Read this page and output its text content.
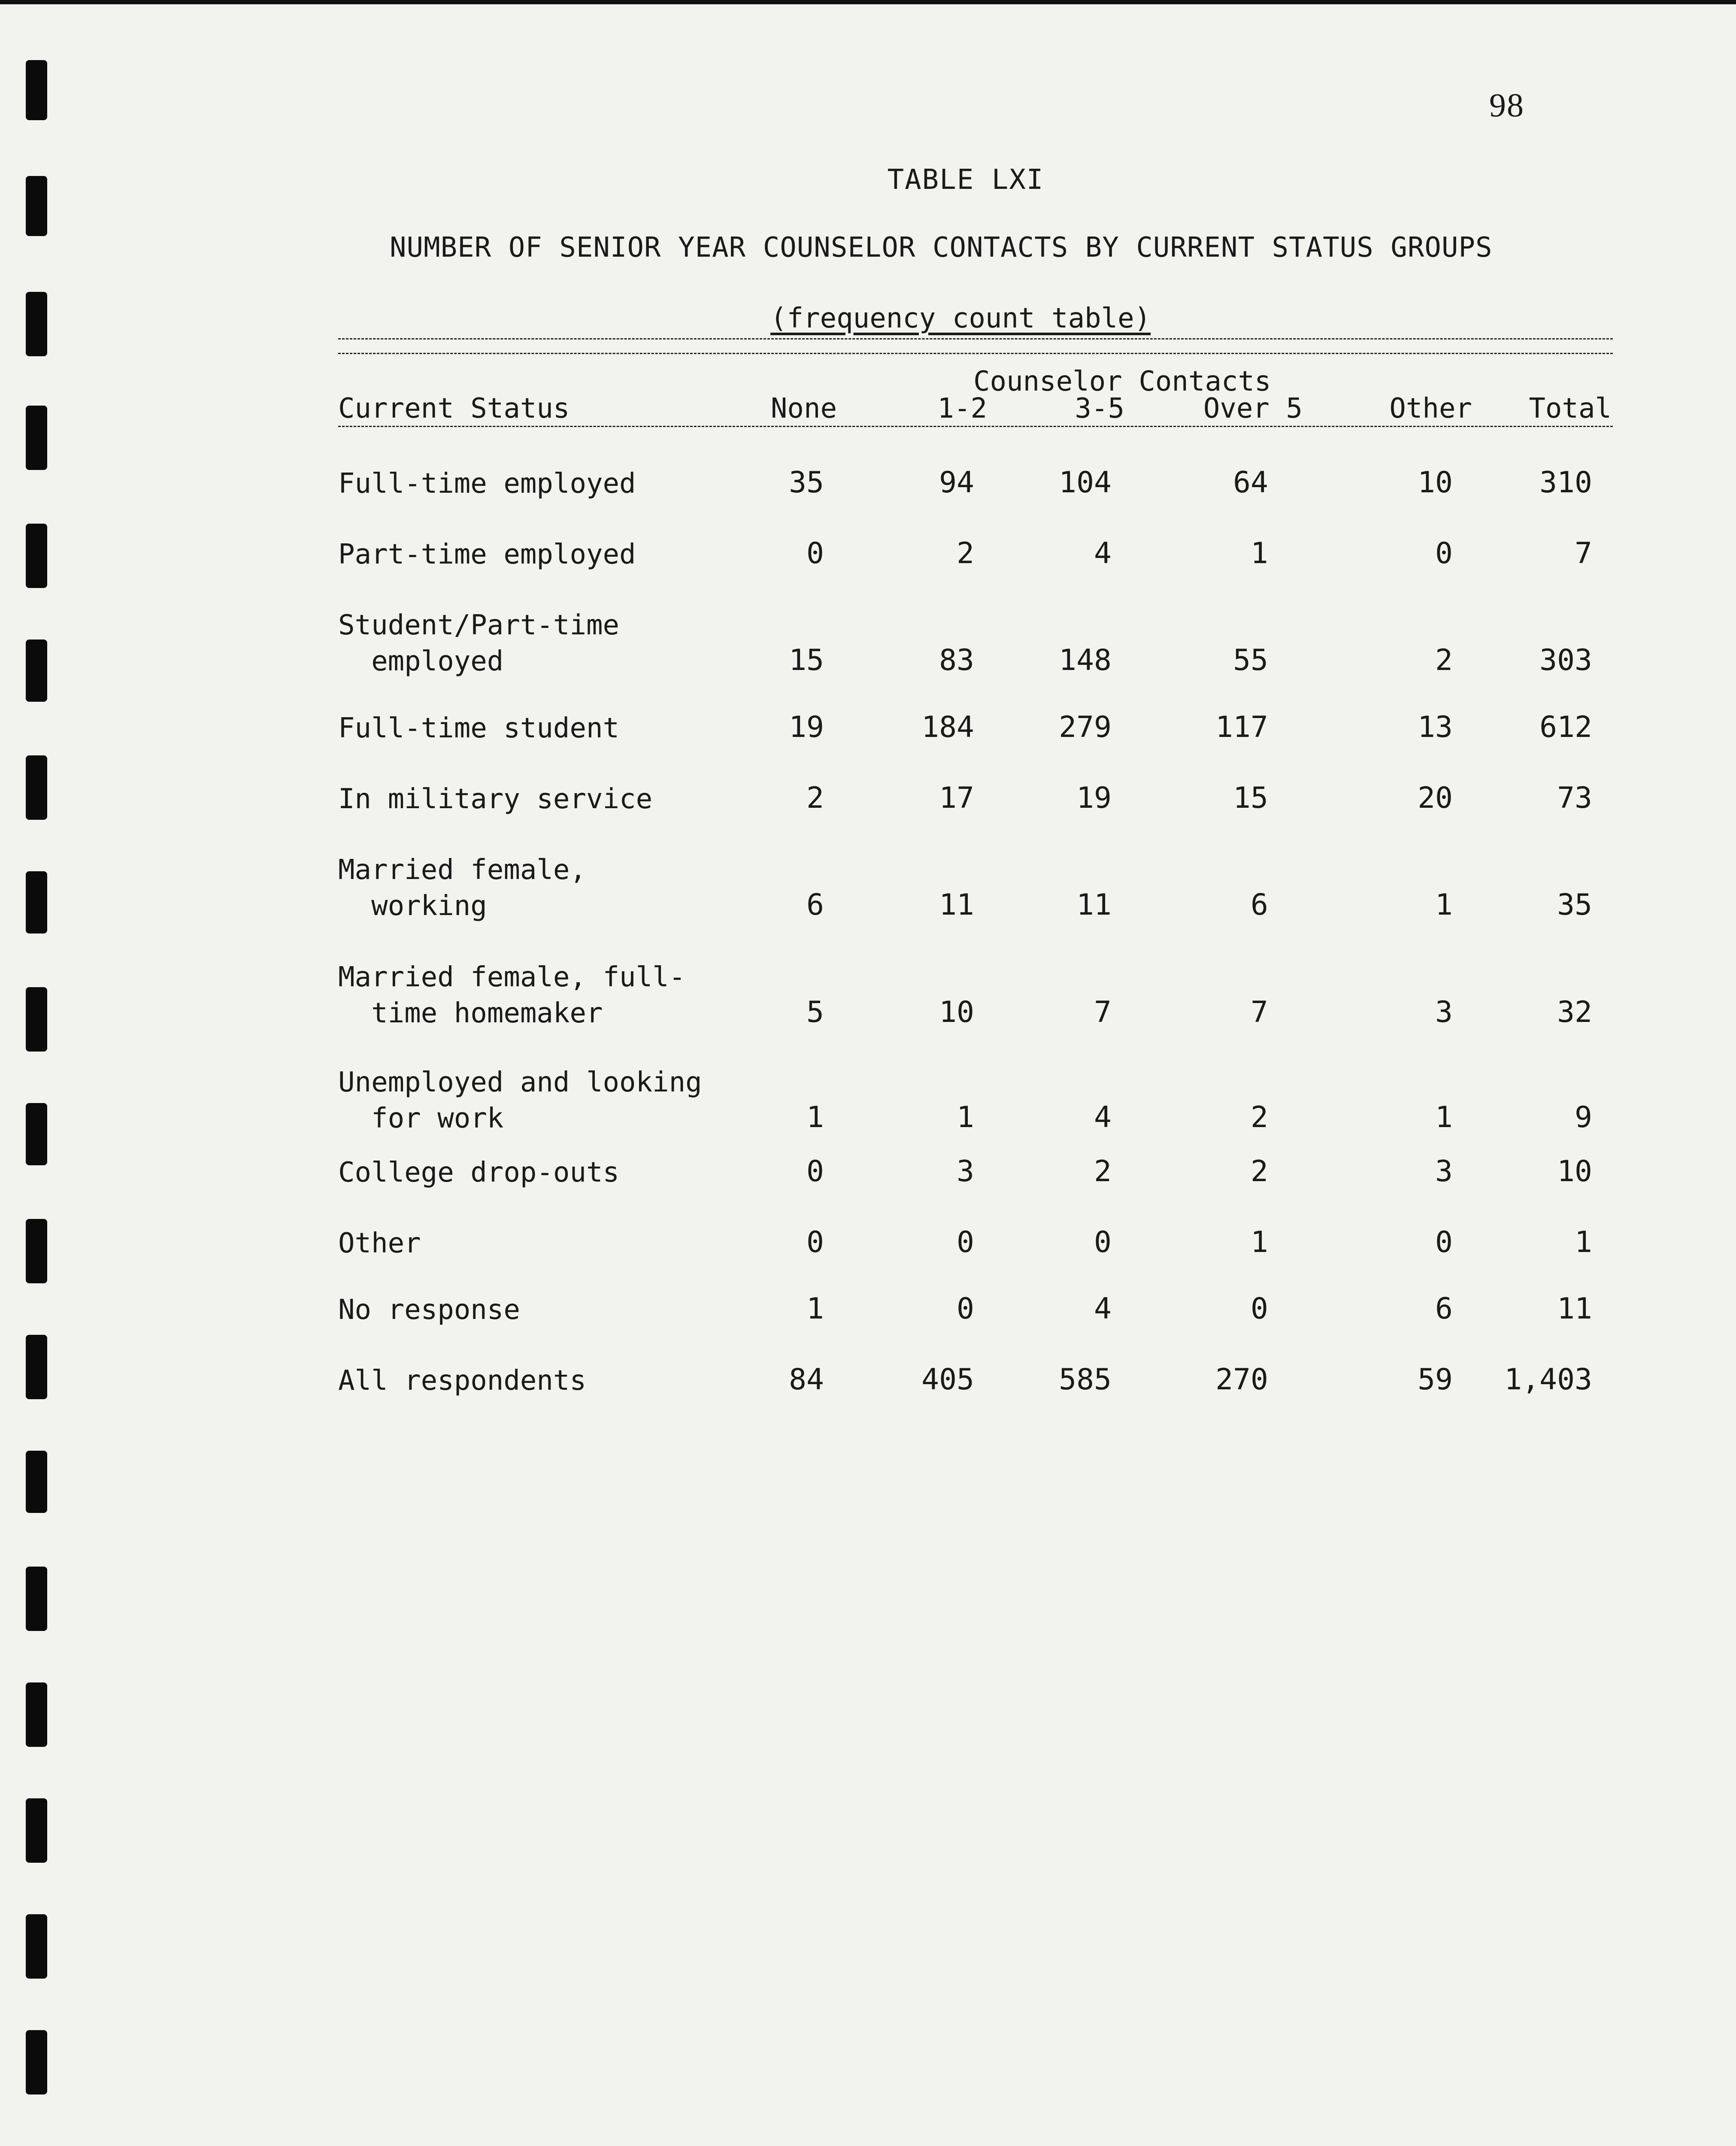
98
TABLE LXI
NUMBER OF SENIOR YEAR COUNSELOR CONTACTS BY CURRENT STATUS GROUPS
(frequency count table)
Counselor Contacts
Current Status	None	1-2	3-5	Over 5	Other	Total
Full-time employed	35	94	104	64	10	310
Part-time employed	0	2	4	1	0	7
Student/Part-time
employed	15	83	148	55	2	303
Full-time student	19	184	279	117	13	612
In military service	2	17	19	15	20	73
Married female,
working	6	11	11	6	1	35
Married female, full-
time homemaker	5	10	7	7	3	32
Unemployed and looking
for work	1	1	4	2	1	9
College drop-outs	0	3	2	2	3	10
Other	0	0	0	1	0	1
No response	1	0	4	0	6	11
All respondents	84	405	585	270	59	1,403
